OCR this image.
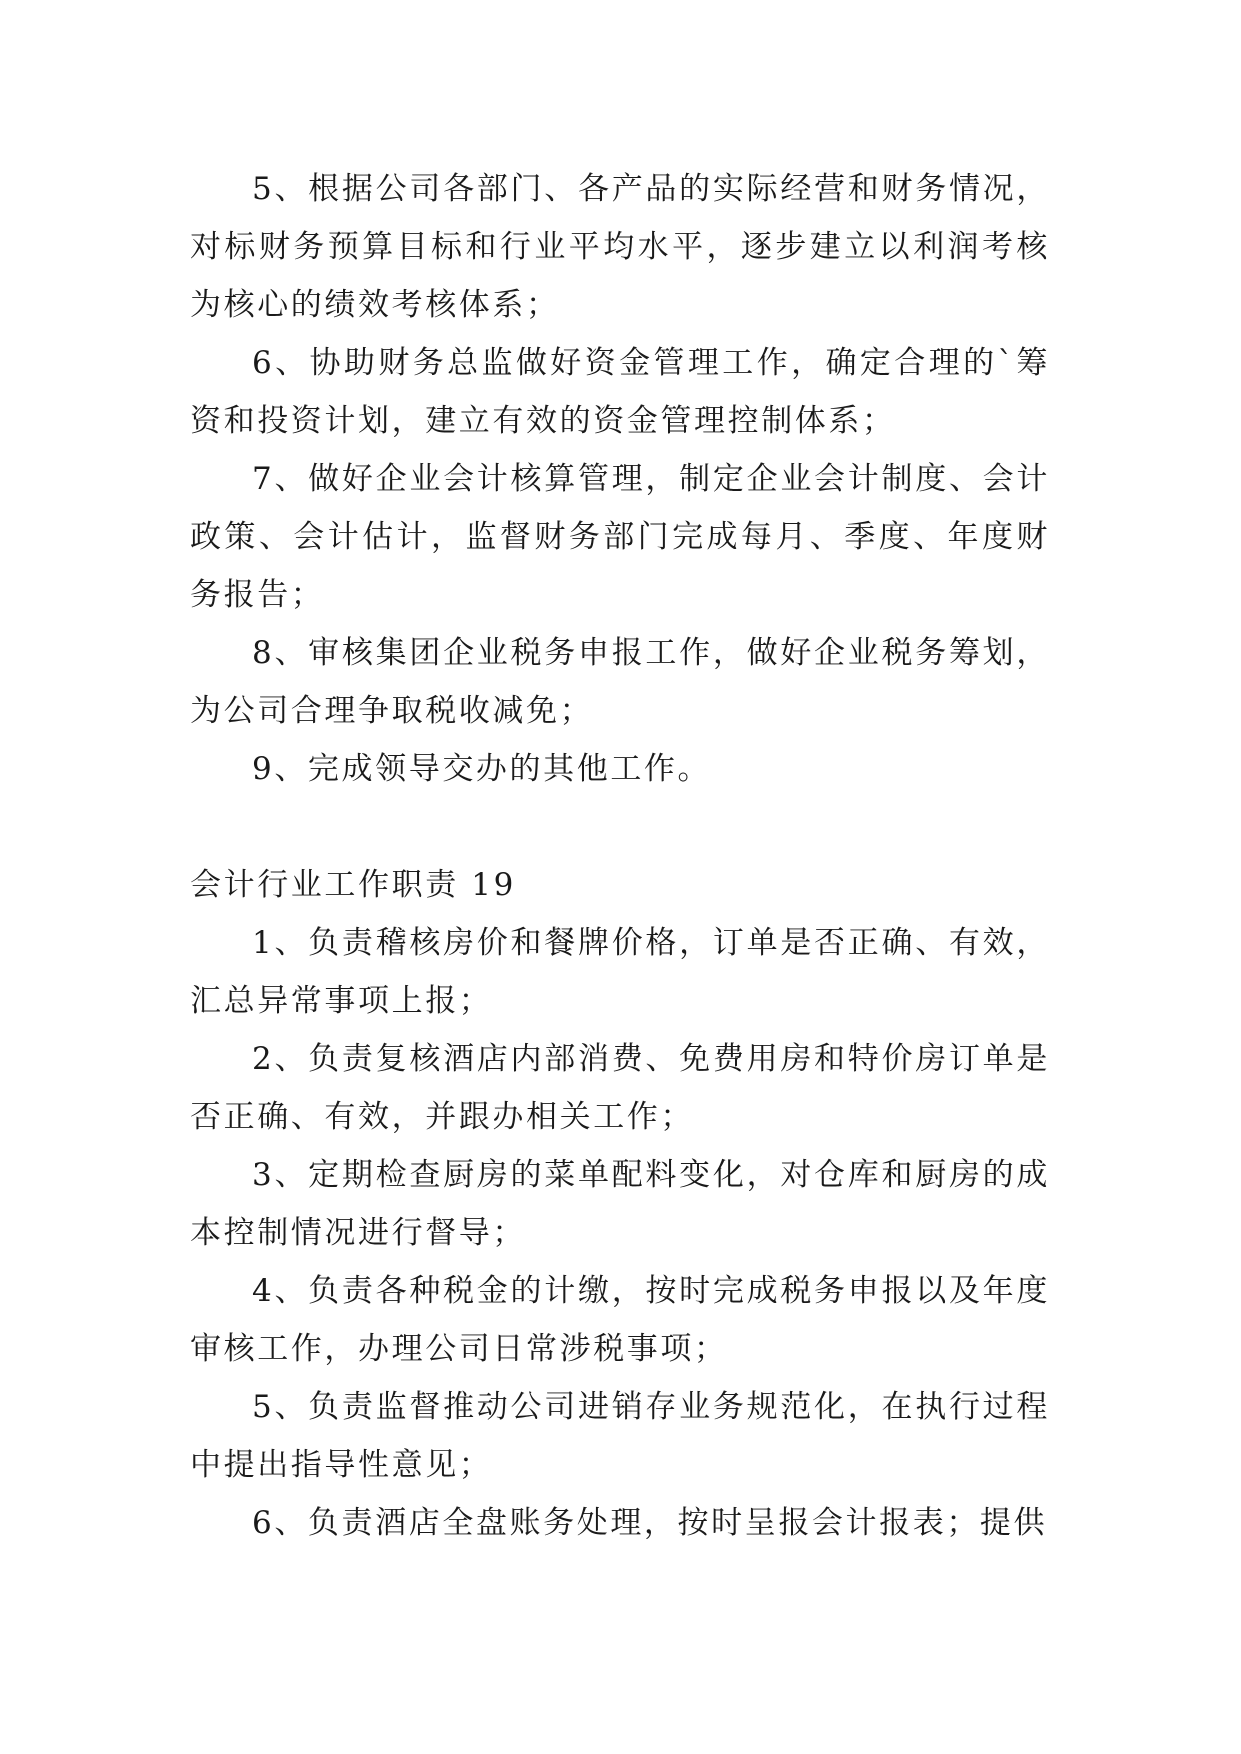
5、根据公司各部门、各产品的实际经营和财务情况，对标财务预算目标和行业平均水平，逐步建立以利润考核为核心的绩效考核体系；

6、协助财务总监做好资金管理工作，确定合理的`筹资和投资计划，建立有效的资金管理控制体系；

7、做好企业会计核算管理，制定企业会计制度、会计政策、会计估计，监督财务部门完成每月、季度、年度财务报告；

8、审核集团企业税务申报工作，做好企业税务筹划，为公司合理争取税收减免；

9、完成领导交办的其他工作。

会计行业工作职责 19

1、负责稽核房价和餐牌价格，订单是否正确、有效，汇总异常事项上报；

2、负责复核酒店内部消费、免费用房和特价房订单是否正确、有效，并跟办相关工作；

3、定期检查厨房的菜单配料变化，对仓库和厨房的成本控制情况进行督导；

4、负责各种税金的计缴，按时完成税务申报以及年度审核工作，办理公司日常涉税事项；

5、负责监督推动公司进销存业务规范化，在执行过程中提出指导性意见；

6、负责酒店全盘账务处理，按时呈报会计报表；提供
